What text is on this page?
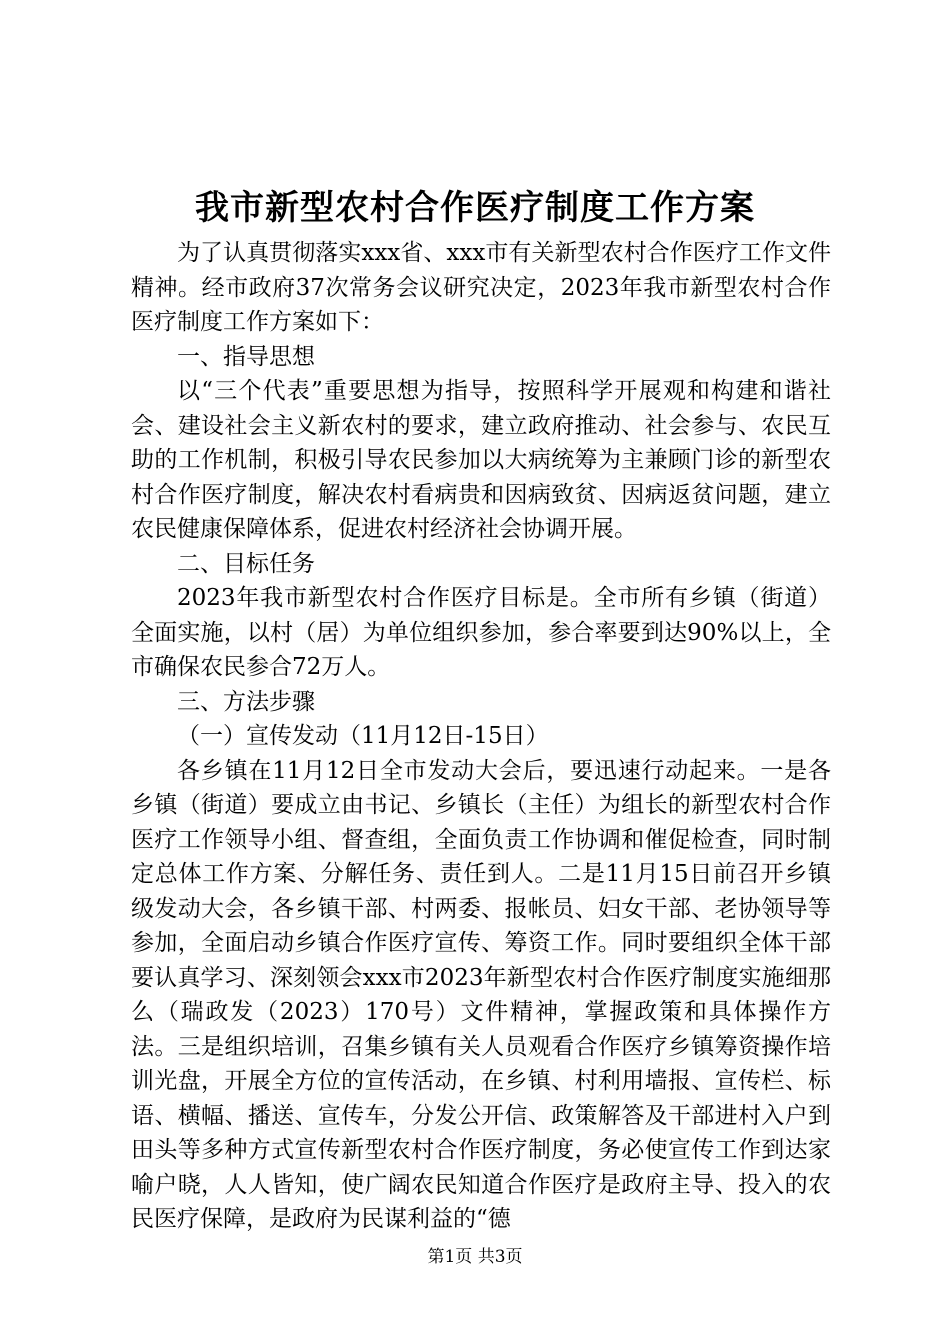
我市新型农村合作医疗制度工作方案

为了认真贯彻落实xxx省、xxx市有关新型农村合作医疗工作文件精神。经市政府37次常务会议研究决定，2023年我市新型农村合作医疗制度工作方案如下：

一、指导思想

以“三个代表”重要思想为指导，按照科学开展观和构建和谐社会、建设社会主义新农村的要求，建立政府推动、社会参与、农民互助的工作机制，积极引导农民参加以大病统筹为主兼顾门诊的新型农村合作医疗制度，解决农村看病贵和因病致贫、因病返贫问题，建立农民健康保障体系，促进农村经济社会协调开展。

二、目标任务

2023年我市新型农村合作医疗目标是。全市所有乡镇（街道）全面实施，以村（居）为单位组织参加，参合率要到达90%以上，全市确保农民参合72万人。

三、方法步骤

（一）宣传发动（11月12日-15日）

各乡镇在11月12日全市发动大会后，要迅速行动起来。一是各乡镇（街道）要成立由书记、乡镇长（主任）为组长的新型农村合作医疗工作领导小组、督查组，全面负责工作协调和催促检查，同时制定总体工作方案、分解任务、责任到人。二是11月15日前召开乡镇级发动大会，各乡镇干部、村两委、报帐员、妇女干部、老协领导等参加，全面启动乡镇合作医疗宣传、筹资工作。同时要组织全体干部要认真学习、深刻领会xxx市2023年新型农村合作医疗制度实施细那么（瑞政发（2023）170号）文件精神，掌握政策和具体操作方法。三是组织培训，召集乡镇有关人员观看合作医疗乡镇筹资操作培训光盘，开展全方位的宣传活动，在乡镇、村利用墙报、宣传栏、标语、横幅、播送、宣传车，分发公开信、政策解答及干部进村入户到田头等多种方式宣传新型农村合作医疗制度，务必使宣传工作到达家喻户晓，人人皆知，使广阔农民知道合作医疗是政府主导、投入的农民医疗保障，是政府为民谋利益的“德

第1页 共3页
